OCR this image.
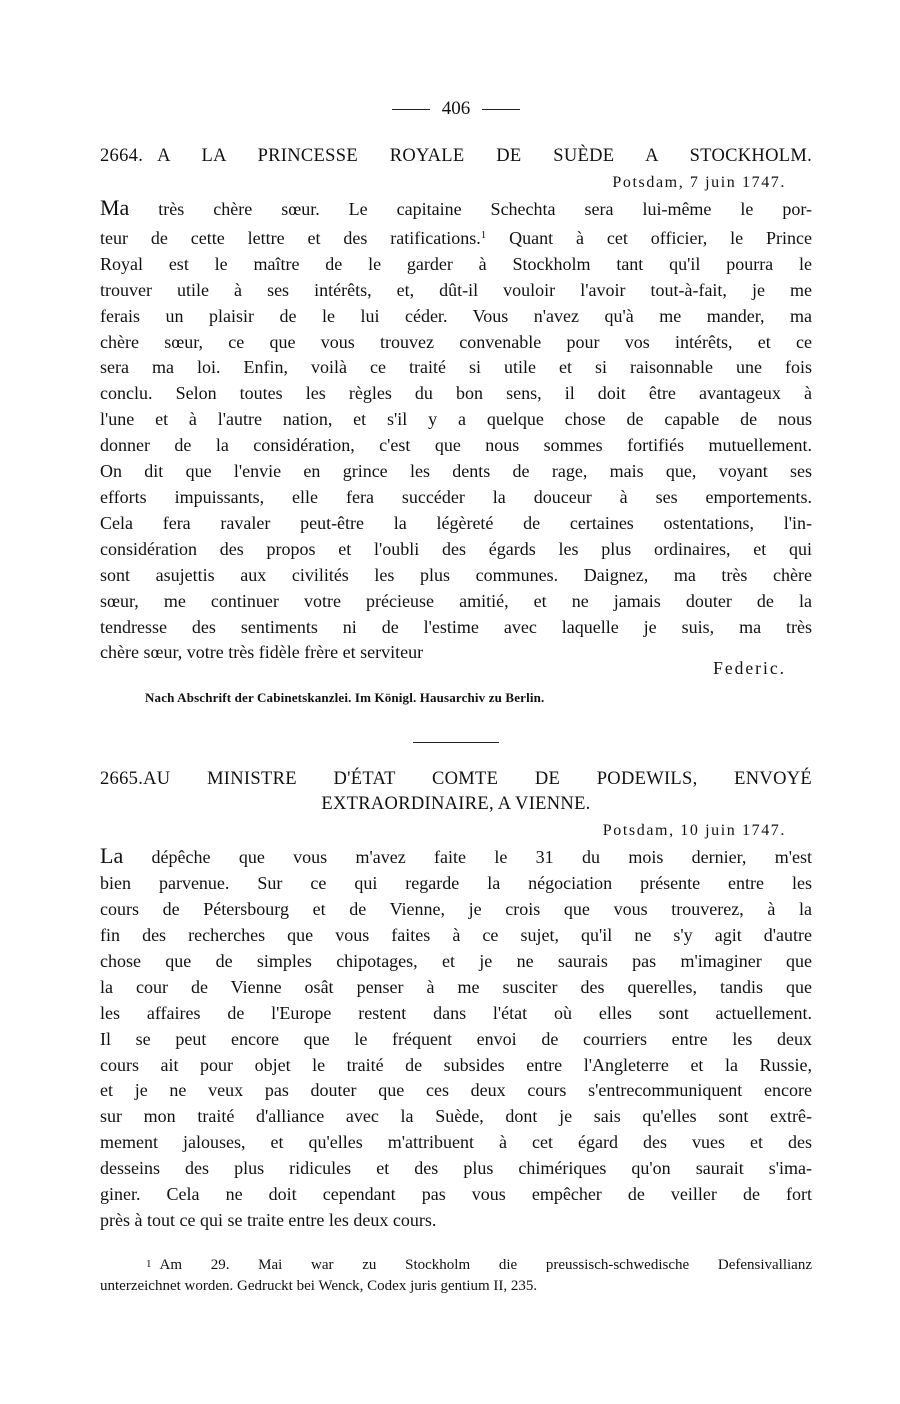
406
2664. A LA PRINCESSE ROYALE DE SUÈDE A STOCKHOLM.
Potsdam, 7 juin 1747.
Ma très chère sœur. Le capitaine Schechta sera lui-même le por-
teur de cette lettre et des ratifications.$^1$ Quant à cet officier, le Prince
Royal est le maître de le garder à Stockholm tant qu'il pourra le
trouver utile à ses intérêts, et, dût-il vouloir l'avoir tout-à-fait, je me
ferais un plaisir de le lui céder. Vous n'avez qu'à me mander, ma
chère sœur, ce que vous trouvez convenable pour vos intérêts, et ce
sera ma loi. Enfin, voilà ce traité si utile et si raisonnable une fois
conclu. Selon toutes les règles du bon sens, il doit être avantageux à
l'une et à l'autre nation, et s'il y a quelque chose de capable de nous
donner de la considération, c'est que nous sommes fortifiés mutuellement.
On dit que l'envie en grince les dents de rage, mais que, voyant ses
efforts impuissants, elle fera succéder la douceur à ses emportements.
Cela fera ravaler peut-être la légèreté de certaines ostentations, l'in-
considération des propos et l'oubli des égards les plus ordinaires, et qui
sont asujettis aux civilités les plus communes. Daignez, ma très chère
sœur, me continuer votre précieuse amitié, et ne jamais douter de la
tendresse des sentiments ni de l'estime avec laquelle je suis, ma très
chère sœur, votre très fidèle frère et serviteur
Federic.
Nach Abschrift der Cabinetskanzlei. Im Königl. Hausarchiv zu Berlin.
2665.AU MINISTRE D'ÉTAT COMTE DE PODEWILS, ENVOYÉ
EXTRAORDINAIRE, A VIENNE.
Potsdam, 10 juin 1747.
La dépêche que vous m'avez faite le 31 du mois dernier, m'est
bien parvenue. Sur ce qui regarde la négociation présente entre les
cours de Pétersbourg et de Vienne, je crois que vous trouverez, à la
fin des recherches que vous faites à ce sujet, qu'il ne s'y agit d'autre
chose que de simples chipotages, et je ne saurais pas m'imaginer que
la cour de Vienne osât penser à me susciter des querelles, tandis que
les affaires de l'Europe restent dans l'état où elles sont actuellement.
Il se peut encore que le fréquent envoi de courriers entre les deux
cours ait pour objet le traité de subsides entre l'Angleterre et la Russie,
et je ne veux pas douter que ces deux cours s'entrecommuniquent encore
sur mon traité d'alliance avec la Suède, dont je sais qu'elles sont extrê-
mement jalouses, et qu'elles m'attribuent à cet égard des vues et des
desseins des plus ridicules et des plus chimériques qu'on saurait s'ima-
giner. Cela ne doit cependant pas vous empêcher de veiller de fort
près à tout ce qui se traite entre les deux cours.
1 Am 29. Mai war zu Stockholm die preussisch-schwedische Defensivallianz
unterzeichnet worden. Gedruckt bei Wenck, Codex juris gentium II, 235.
